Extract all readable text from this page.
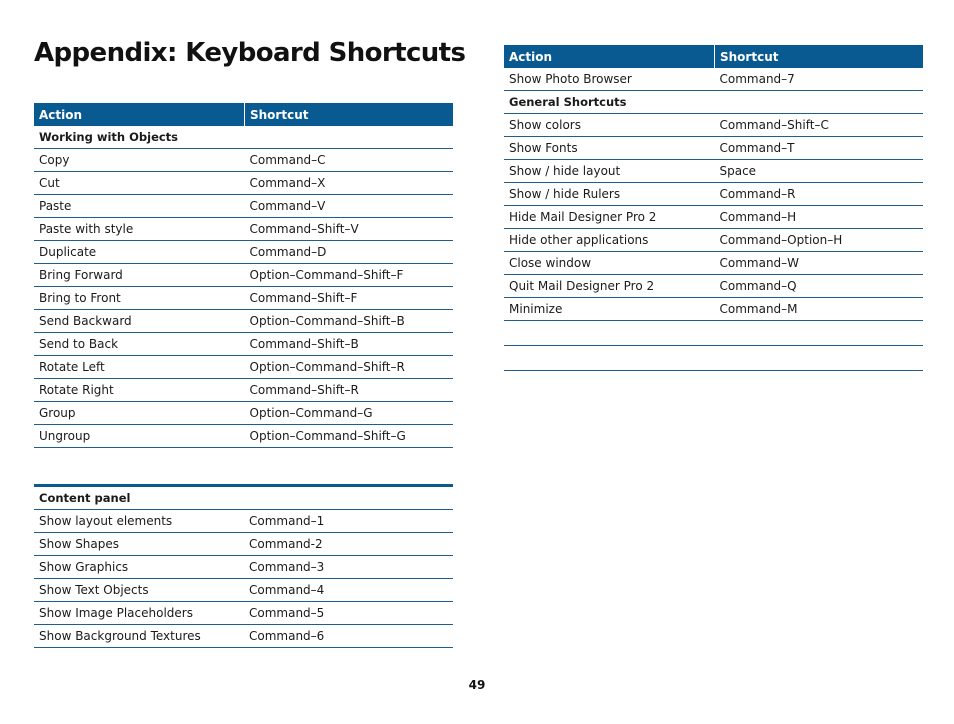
Appendix: Keyboard Shortcuts
Action	Shortcut
Working with Objects	
Copy	Command–C
Cut	Command–X
Paste	Command–V
Paste with style	Command–Shift–V
Duplicate	Command–D
Bring Forward	Option–Command–Shift–F
Bring to Front	Command–Shift–F
Send Backward	Option–Command–Shift–B
Send to Back	Command–Shift–B
Rotate Left	Option–Command–Shift–R
Rotate Right	Command–Shift–R
Group	Option–Command–G
Ungroup	Option–Command–Shift–G
Content panel	
Show layout elements	Command–1
Show Shapes	Command-2
Show Graphics	Command–3
Show Text Objects	Command–4
Show Image Placeholders	Command–5
Show Background Textures	Command–6
Action	Shortcut
Show Photo Browser	Command–7
General Shortcuts	
Show colors	Command–Shift–C
Show Fonts	Command–T
Show / hide layout	Space
Show / hide Rulers	Command–R
Hide Mail Designer Pro 2	Command–H
Hide other applications	Command–Option–H
Close window	Command–W
Quit Mail Designer Pro 2	Command–Q
Minimize	Command–M

49
